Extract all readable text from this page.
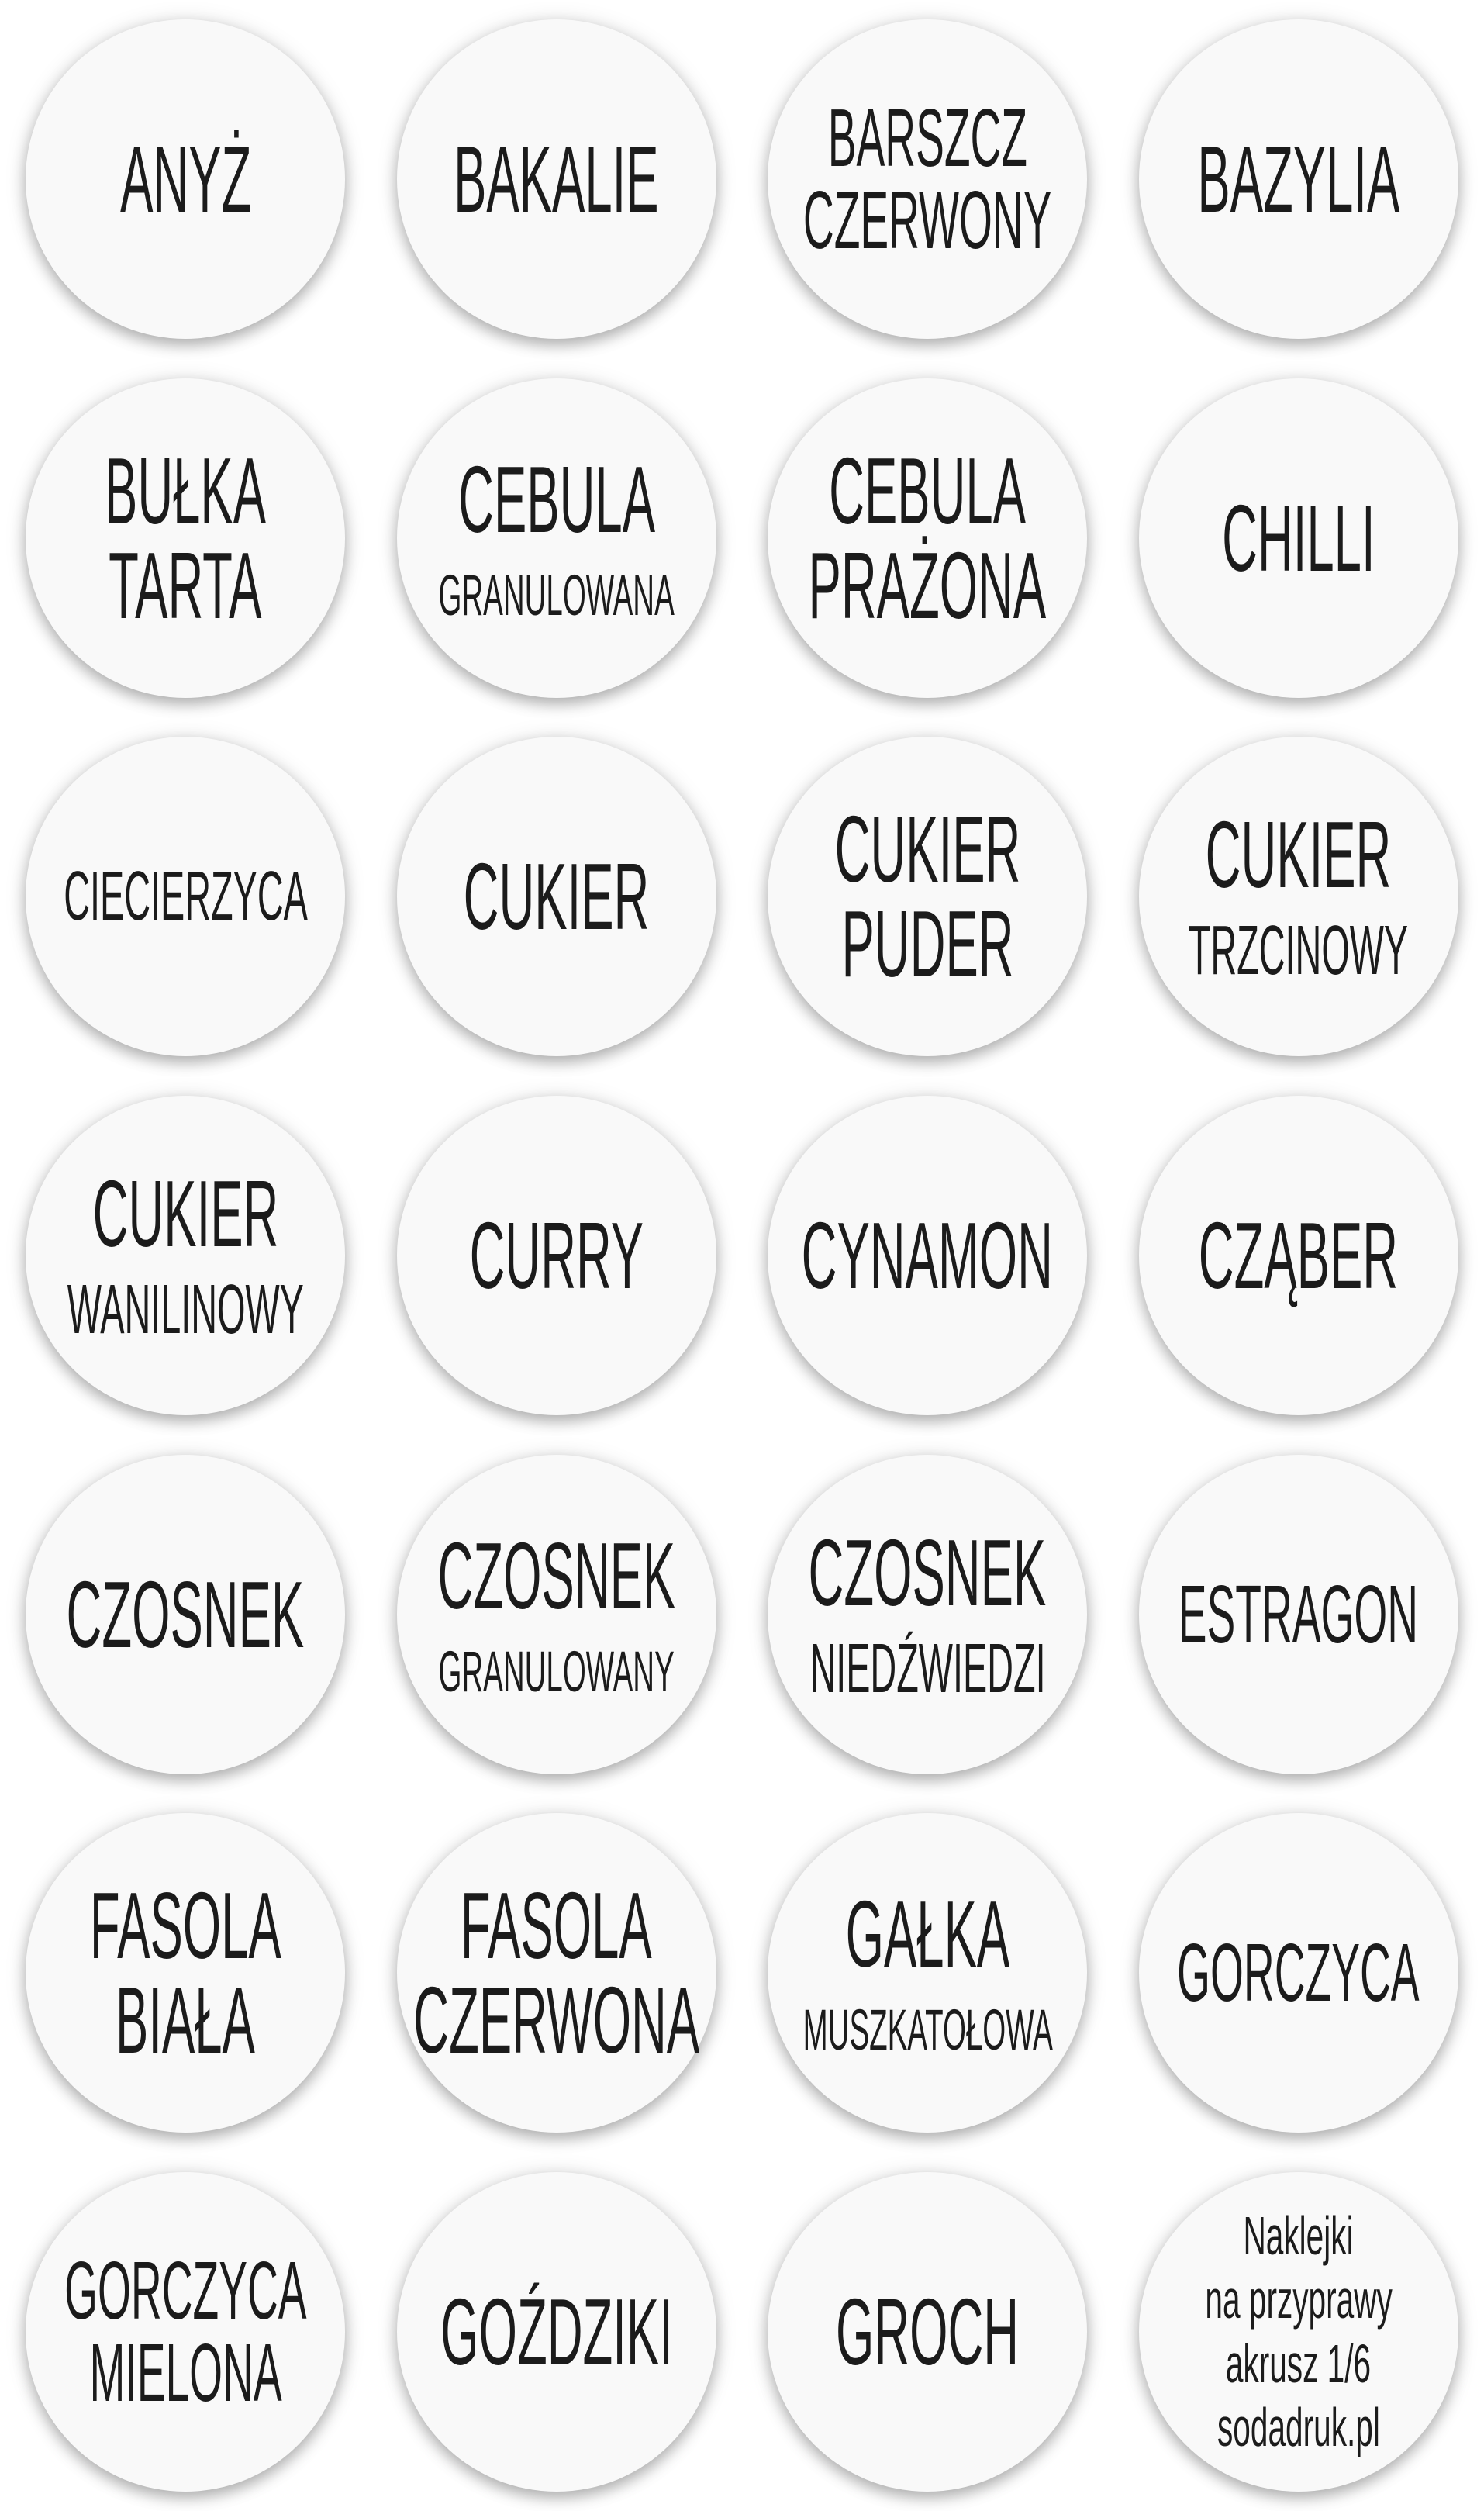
ANYŻ	BAKALIE	BARSZCZ
CZERWONY	BAZYLIA
BUŁKA
TARTA
CEBULA
GRANULOWANA
CEBULA
PRAŻONA	CHILLI
CIECIERZYCA	CUKIER	CUKIER
PUDER
CUKIER
TRZCINOWY
CUKIER
WANILINOWY
CURRY	CYNAMON	CZĄBER
CZOSNEK	CZOSNEK
GRANULOWANY
CZOSNEK
NIEDŹWIEDZI
ESTRAGON
FASOLA
BIAŁA
FASOLA
CZERWONA
GAŁKA
MUSZKATOŁOWA
GORCZYCA
GORCZYCA
MIELONA	GOŹDZIKI	GROCH
Naklejki
na przyprawy
akrusz 1/6
sodadruk.pl
